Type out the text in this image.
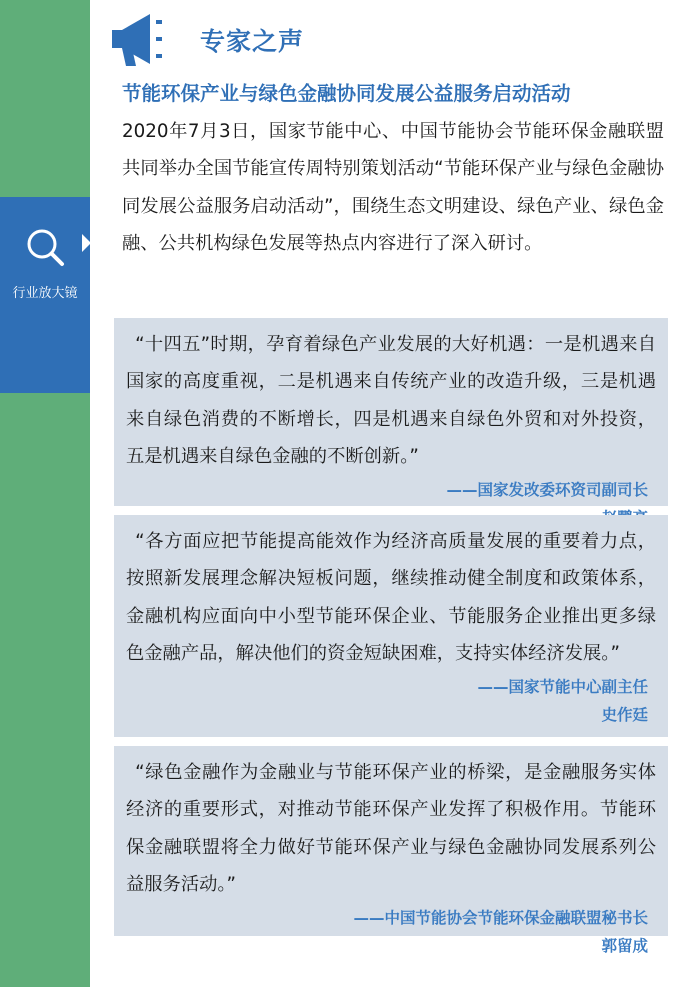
行业放大镜
专家之声
节能环保产业与绿色金融协同发展公益服务启动活动
2020年7月3日，国家节能中心、中国节能协会节能环保金融联盟共同举办全国节能宣传周特别策划活动“节能环保产业与绿色金融协同发展公益服务启动活动”，围绕生态文明建设、绿色产业、绿色金融、公共机构绿色发展等热点内容进行了深入研讨。
“十四五”时期，孕育着绿色产业发展的大好机遇：一是机遇来自国家的高度重视，二是机遇来自传统产业的改造升级，三是机遇来自绿色消费的不断增长，四是机遇来自绿色外贸和对外投资，五是机遇来自绿色金融的不断创新。”
——国家发改委环资司副司长
“各方面应把节能提高能效作为经济高质量发展的重要着力点，按照新发展理念解决短板问题，继续推动健全制度和政策体系，金融机构应面向中小型节能环保企业、节能服务企业推出更多绿色金融产品，解决他们的资金短缺困难，支持实体经济发展。”
——国家节能中心副主任
史作廷
“绿色金融作为金融业与节能环保产业的桥梁，是金融服务实体经济的重要形式，对推动节能环保产业发挥了积极作用。节能环保金融联盟将全力做好节能环保产业与绿色金融协同发展系列公益服务活动。”
——中国节能协会节能环保金融联盟秘书长
郭留成
